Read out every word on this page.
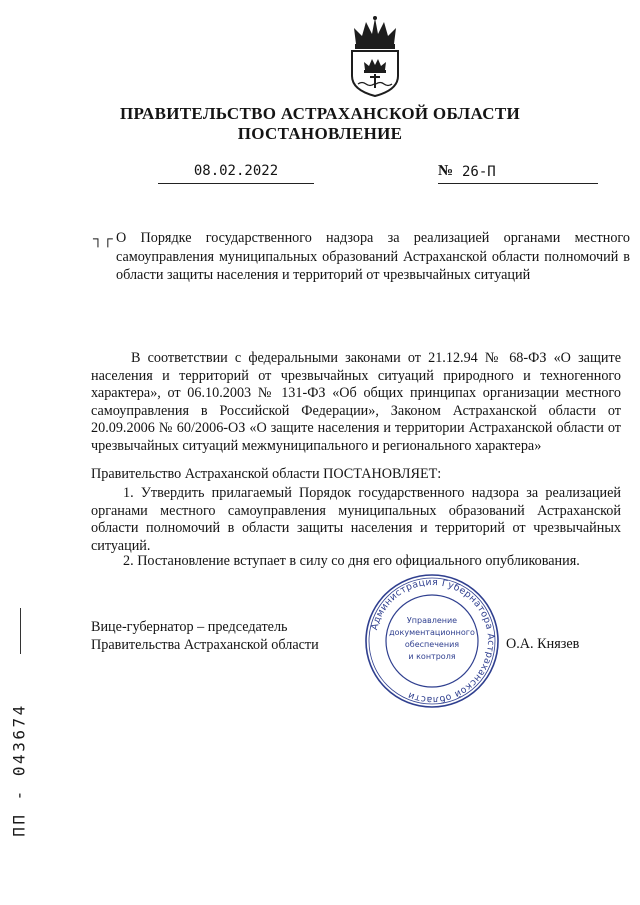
ПРАВИТЕЛЬСТВО АСТРАХАНСКОЙ ОБЛАСТИ
ПОСТАНОВЛЕНИЕ
08.02.2022	№ 26-П
┐┌ О Порядке государственного надзора за реализацией органами местного самоуправления муниципальных образований Астраханской области полномочий в области защиты населения и территорий от чрезвычайных ситуаций
В соответствии с федеральными законами от 21.12.94 № 68-ФЗ «О защите населения и территорий от чрезвычайных ситуаций природного и техногенного характера», от 06.10.2003 № 131-ФЗ «Об общих принципах организации местного самоуправления в Российской Федерации», Законом Астраханской области от 20.09.2006 № 60/2006-ОЗ «О защите населения и территории Астраханской области от чрезвычайных ситуаций межмуниципального и регионального характера»
Правительство Астраханской области ПОСТАНОВЛЯЕТ:
1. Утвердить прилагаемый Порядок государственного надзора за реализацией органами местного самоуправления муниципальных образований Астраханской области полномочий в области защиты населения и территорий от чрезвычайных ситуаций.
2. Постановление вступает в силу со дня его официального опубликования.
Вице-губернатор – председатель
Правительства Астраханской области	О.А. Князев
Администрация Губернатора Астраханской области
Управление
документационного
обеспечения
и контроля
ПП - 043674
